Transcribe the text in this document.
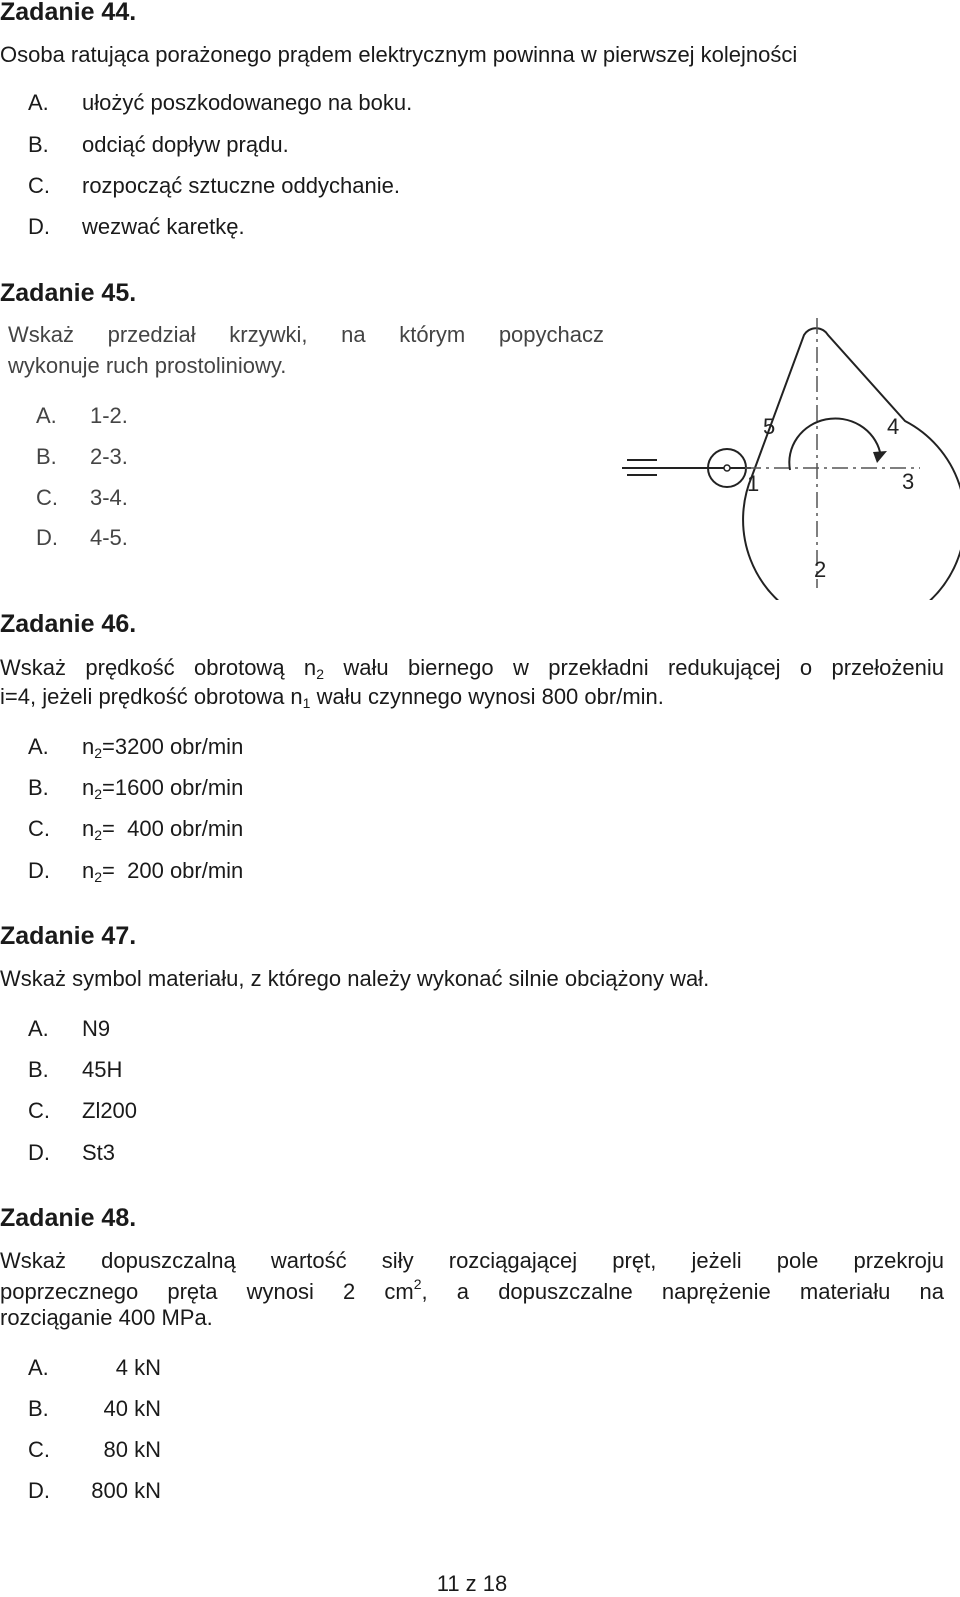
Zadanie 44.
Osoba ratująca porażonego prądem elektrycznym powinna w pierwszej kolejności
A. ułożyć poszkodowanego na boku.
B. odciąć dopływ prądu.
C. rozpocząć sztuczne oddychanie.
D. wezwać karetkę.
Zadanie 45.
Wskaż przedział krzywki, na którym popychacz
wykonuje ruch prostoliniowy.
A. 1-2.
B. 2-3.
C. 3-4.
D. 4-5.
1
2
3
4
5
Zadanie 46.
Wskaż prędkość obrotową $n_2$ wału biernego w przekładni redukującej o przełożeniu
i=4, jeżeli prędkość obrotowa $n_1$ wału czynnego wynosi 800 obr/min.
A. $n_2=3200$ obr/min
B. $n_2=1600$ obr/min
C. $n_2= 400$ obr/min
D. $n_2= 200$ obr/min
Zadanie 47.
Wskaż symbol materiału, z którego należy wykonać silnie obciążony wał.
A. N9
B. 45H
C. Zl200
D. St3
Zadanie 48.
Wskaż dopuszczalną wartość siły rozciągającej pręt, jeżeli pole przekroju
poprzecznego pręta wynosi 2 $cm^2$, a dopuszczalne naprężenie materiału na
rozciąganie 400 MPa.
A.	4 kN
B.	40 kN
C.	80 kN
D.	800 kN
11 z 18
